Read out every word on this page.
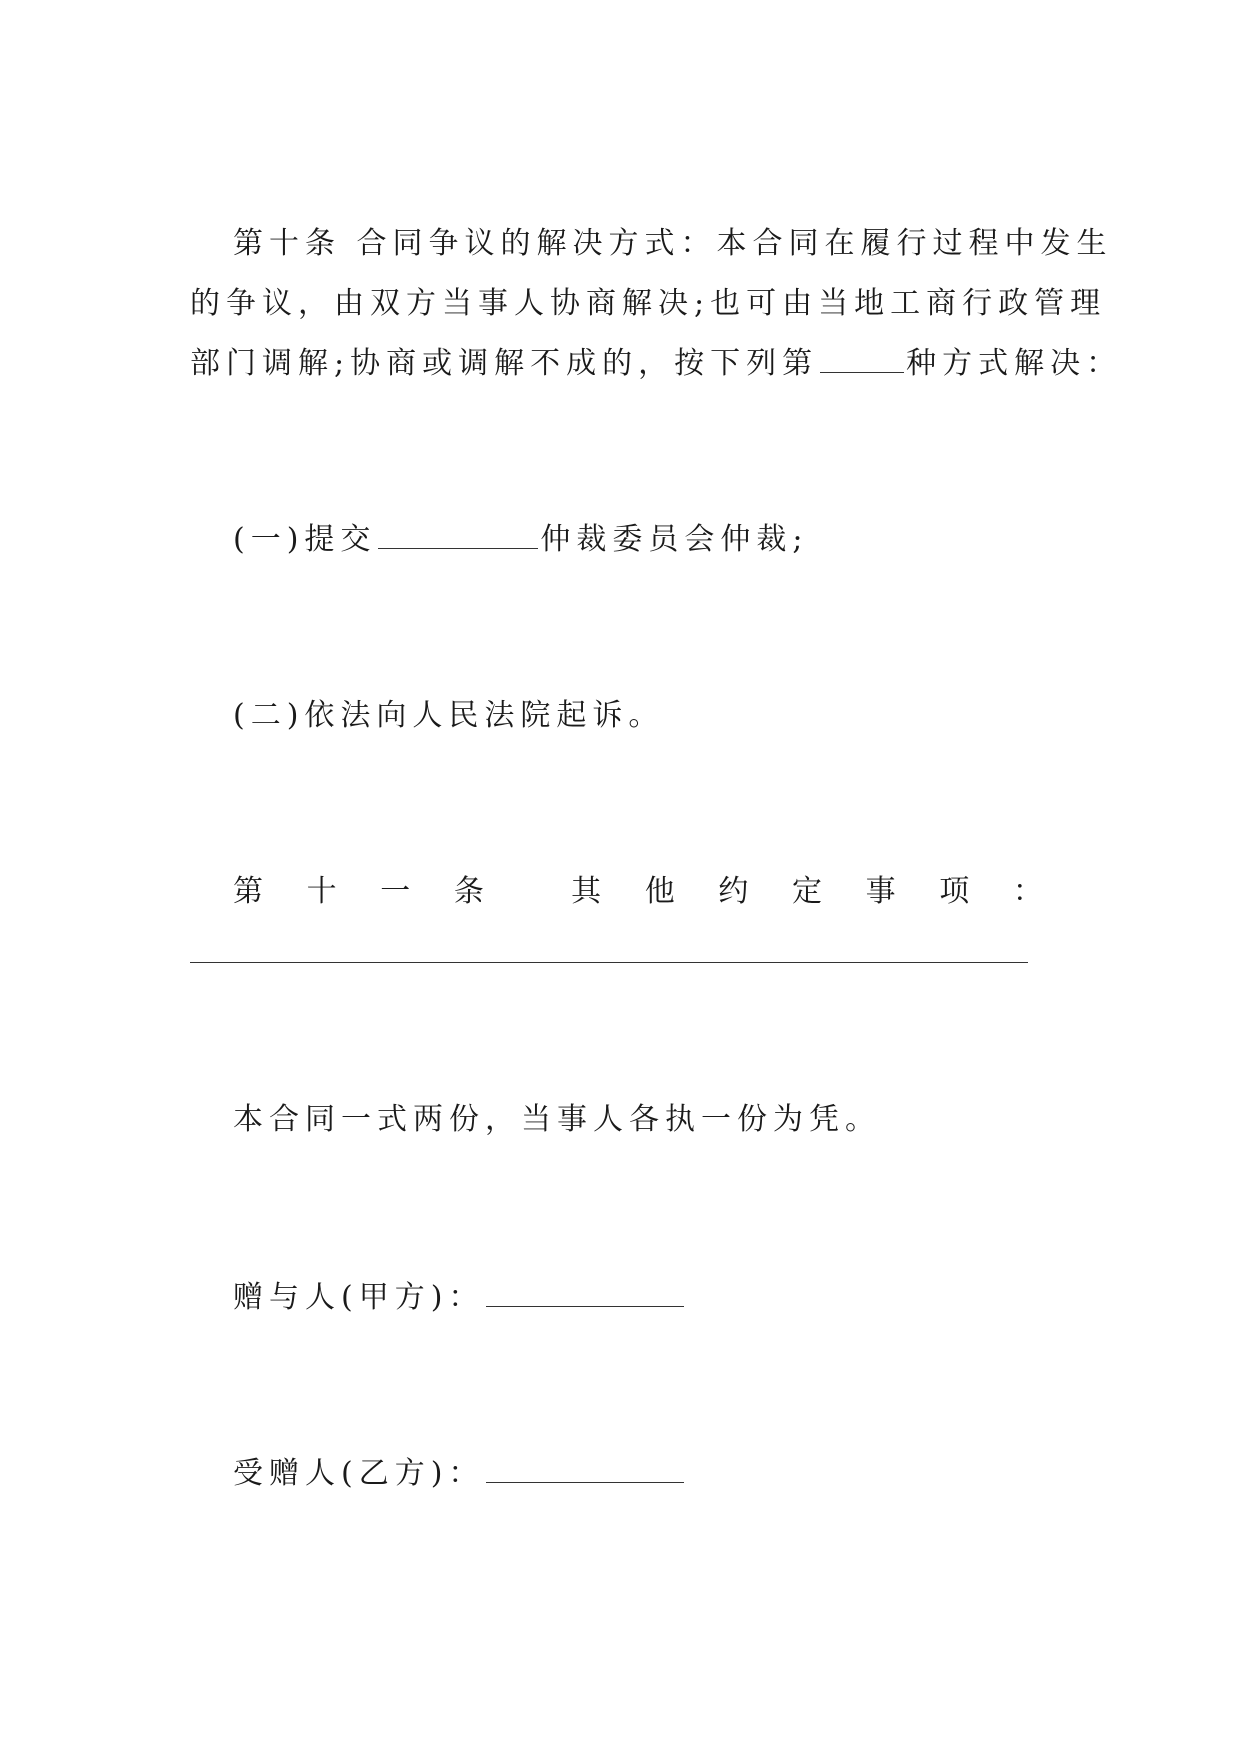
第十条 合同争议的解决方式：本合同在履行过程中发生
的争议，由双方当事人协商解决;也可由当地工商行政管理
部门调解;协商或调解不成的，按下列第	种方式解决：
(一)提交	仲裁委员会仲裁;
(二)依法向人民法院起诉。
第 十 一 条	其 他 约 定 事 项 ：
本合同一式两份，当事人各执一份为凭。
赠与人(甲方)：
受赠人(乙方)：
